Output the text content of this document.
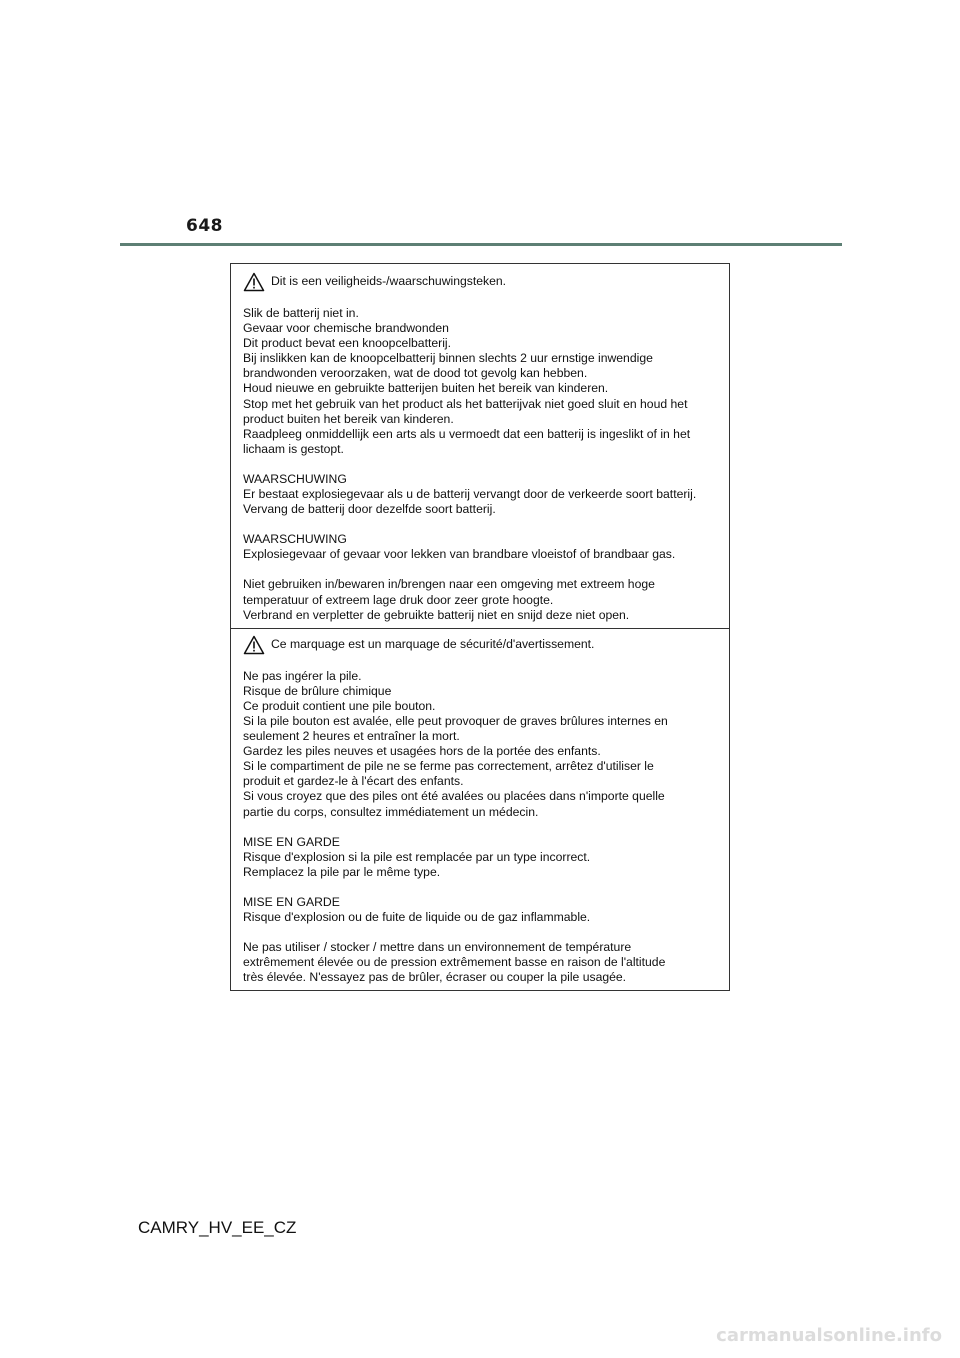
648
Dit is een veiligheids-/waarschuwingsteken.
Slik de batterij niet in.
Gevaar voor chemische brandwonden
Dit product bevat een knoopcelbatterij.
Bij inslikken kan de knoopcelbatterij binnen slechts 2 uur ernstige inwendige
brandwonden veroorzaken, wat de dood tot gevolg kan hebben.
Houd nieuwe en gebruikte batterijen buiten het bereik van kinderen.
Stop met het gebruik van het product als het batterijvak niet goed sluit en houd het
product buiten het bereik van kinderen.
Raadpleeg onmiddellijk een arts als u vermoedt dat een batterij is ingeslikt of in het
lichaam is gestopt.
WAARSCHUWING
Er bestaat explosiegevaar als u de batterij vervangt door de verkeerde soort batterij.
Vervang de batterij door dezelfde soort batterij.
WAARSCHUWING
Explosiegevaar of gevaar voor lekken van brandbare vloeistof of brandbaar gas.
Niet gebruiken in/bewaren in/brengen naar een omgeving met extreem hoge
temperatuur of extreem lage druk door zeer grote hoogte.
Verbrand en verpletter de gebruikte batterij niet en snijd deze niet open.
Ce marquage est un marquage de sécurité/d'avertissement.
Ne pas ingérer la pile.
Risque de brûlure chimique
Ce produit contient une pile bouton.
Si la pile bouton est avalée, elle peut provoquer de graves brûlures internes en
seulement 2 heures et entraîner la mort.
Gardez les piles neuves et usagées hors de la portée des enfants.
Si le compartiment de pile ne se ferme pas correctement, arrêtez d'utiliser le
produit et gardez-le à l'écart des enfants.
Si vous croyez que des piles ont été avalées ou placées dans n'importe quelle
partie du corps, consultez immédiatement un médecin.
MISE EN GARDE
Risque d'explosion si la pile est remplacée par un type incorrect.
Remplacez la pile par le même type.
MISE EN GARDE
Risque d'explosion ou de fuite de liquide ou de gaz inflammable.
Ne pas utiliser / stocker / mettre dans un environnement de température
extrêmement élevée ou de pression extrêmement basse en raison de l'altitude
très élevée. N'essayez pas de brûler, écraser ou couper la pile usagée.
CAMRY_HV_EE_CZ
carmanualsonline.info
